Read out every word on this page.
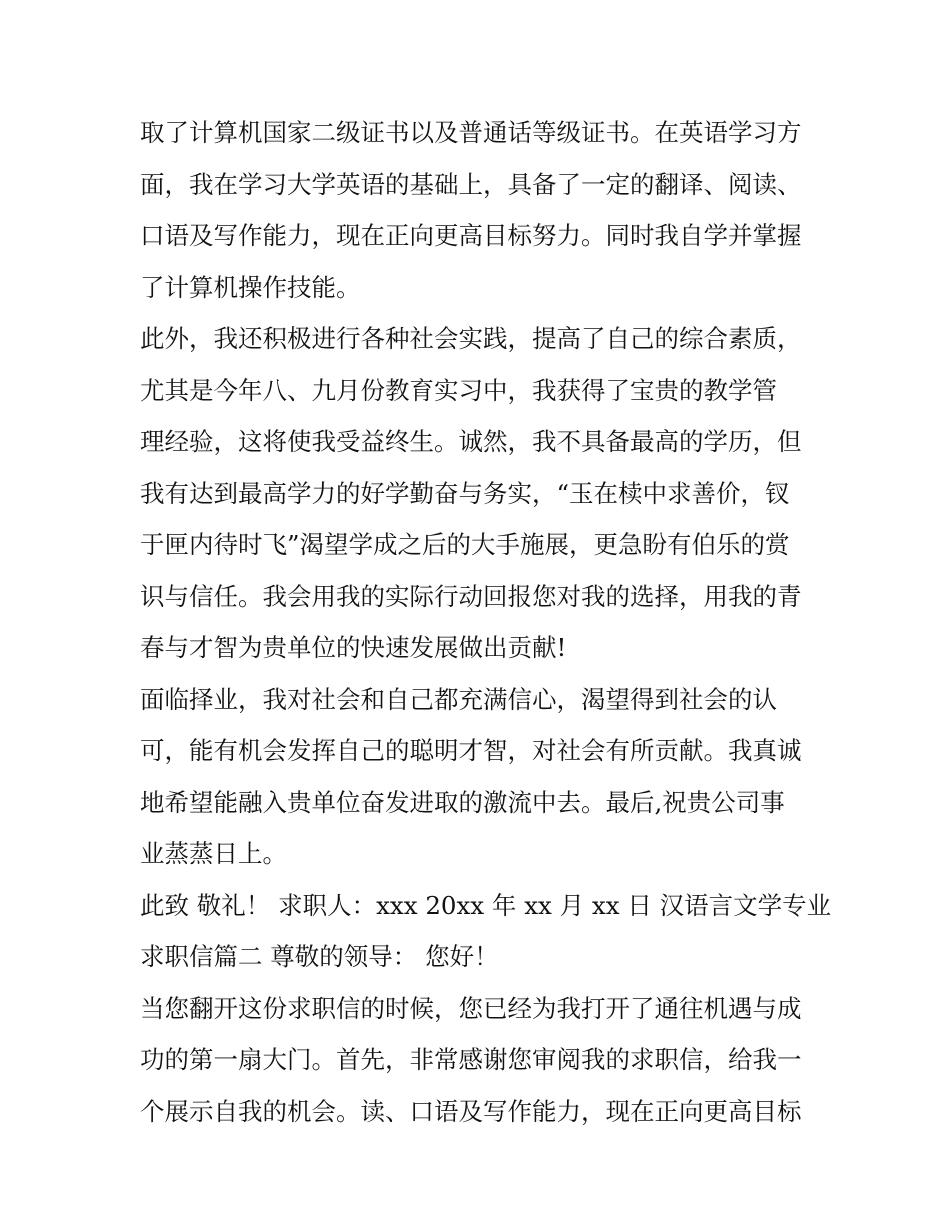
取了计算机国家二级证书以及普通话等级证书。在英语学习方
面，我在学习大学英语的基础上，具备了一定的翻译、阅读、
口语及写作能力，现在正向更高目标努力。同时我自学并掌握
了计算机操作技能。
此外，我还积极进行各种社会实践，提高了自己的综合素质，
尤其是今年八、九月份教育实习中，我获得了宝贵的教学管
理经验，这将使我受益终生。诚然，我不具备最高的学历，但
我有达到最高学力的好学勤奋与务实，“玉在椟中求善价，钗
于匣内待时飞”渴望学成之后的大手施展，更急盼有伯乐的赏
识与信任。我会用我的实际行动回报您对我的选择，用我的青
春与才智为贵单位的快速发展做出贡献!
面临择业，我对社会和自己都充满信心，渴望得到社会的认
可，能有机会发挥自己的聪明才智，对社会有所贡献。我真诚
地希望能融入贵单位奋发进取的激流中去。最后,祝贵公司事
业蒸蒸日上。
此致 敬礼！ 求职人：xxx 20xx 年 xx 月 xx 日 汉语言文学专业
求职信篇二 尊敬的领导： 您好！
当您翻开这份求职信的时候，您已经为我打开了通往机遇与成
功的第一扇大门。首先，非常感谢您审阅我的求职信，给我一
个展示自我的机会。读、口语及写作能力，现在正向更高目标
